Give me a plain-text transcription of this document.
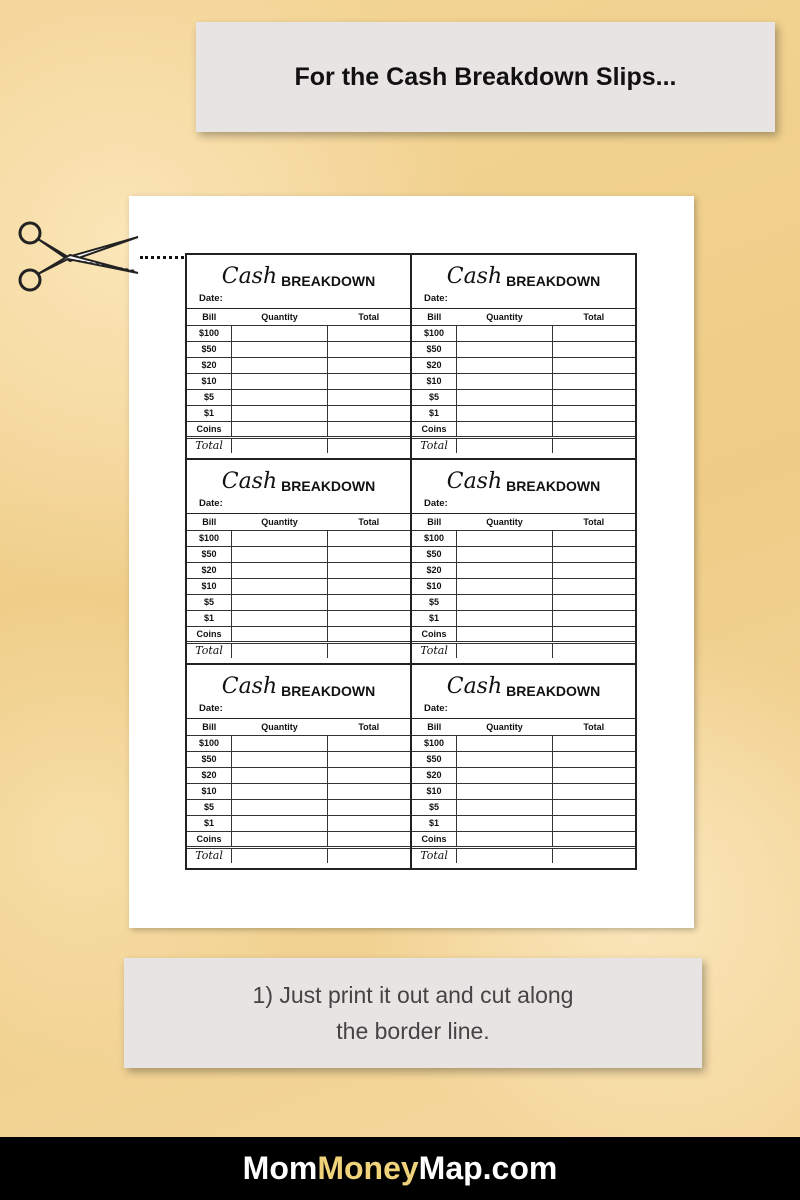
For the Cash Breakdown Slips...
Cash BREAKDOWN
Date:
Bill	Quantity	Total
$100		
$50		
$20		
$10		
$5		
$1		
Coins		
Total		
Cash BREAKDOWN
Date:
Bill	Quantity	Total
$100		
$50		
$20		
$10		
$5		
$1		
Coins		
Total		
Cash BREAKDOWN
Date:
Bill	Quantity	Total
$100		
$50		
$20		
$10		
$5		
$1		
Coins		
Total		
Cash BREAKDOWN
Date:
Bill	Quantity	Total
$100		
$50		
$20		
$10		
$5		
$1		
Coins		
Total		
Cash BREAKDOWN
Date:
Bill	Quantity	Total
$100		
$50		
$20		
$10		
$5		
$1		
Coins		
Total		
Cash BREAKDOWN
Date:
Bill	Quantity	Total
$100		
$50		
$20		
$10		
$5		
$1		
Coins		
Total		
1) Just print it out and cut along
the border line.
Mom Money Map.com
